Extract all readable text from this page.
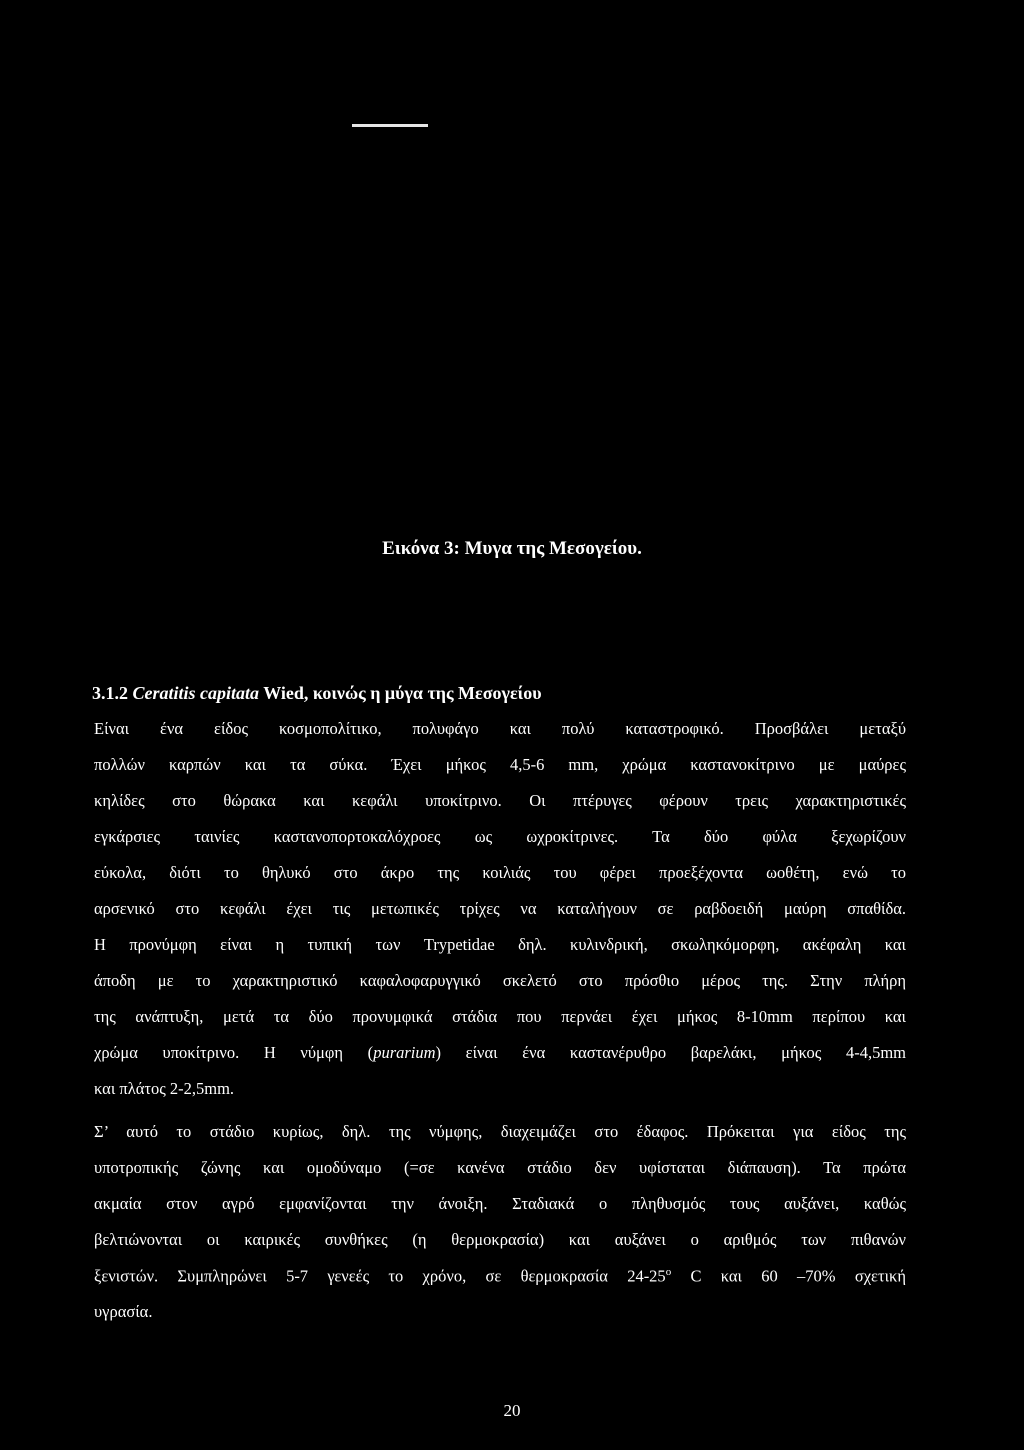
Εικόνα 3: Μυγα της Μεσογείου.
3.1.2 Ceratitis capitata Wied, κοινώς η μύγα της Μεσογείου
Είναι ένα είδος κοσμοπολίτικο, πολυφάγο και πολύ καταστροφικό. Προσβάλει μεταξύ
πολλών καρπών και τα σύκα. Έχει μήκος 4,5-6 mm, χρώμα καστανοκίτρινο με μαύρες
κηλίδες στο θώρακα και κεφάλι υποκίτρινο. Οι πτέρυγες φέρουν τρεις χαρακτηριστικές
εγκάρσιες ταινίες καστανοπορτοκαλόχροες ως ωχροκίτρινες. Τα δύο φύλα ξεχωρίζουν
εύκολα, διότι το θηλυκό στο άκρο της κοιλιάς του φέρει προεξέχοντα ωοθέτη, ενώ το
αρσενικό στο κεφάλι έχει τις μετωπικές τρίχες να καταλήγουν σε ραβδοειδή μαύρη σπαθίδα.
Η προνύμφη είναι η τυπική των Trypetidae δηλ. κυλινδρική, σκωληκόμορφη, ακέφαλη και
άποδη με το χαρακτηριστικό καφαλοφαρυγγικό σκελετό στο πρόσθιο μέρος της. Στην πλήρη
της ανάπτυξη, μετά τα δύο προνυμφικά στάδια που περνάει έχει μήκος 8-10mm περίπου και
χρώμα υποκίτρινο. Η νύμφη (purarium) είναι ένα καστανέρυθρο βαρελάκι, μήκος 4-4,5mm
και πλάτος 2-2,5mm.
Σ’ αυτό το στάδιο κυρίως, δηλ. της νύμφης, διαχειμάζει στο έδαφος. Πρόκειται για είδος της
υποτροπικής ζώνης και ομοδύναμο (=σε κανένα στάδιο δεν υφίσταται διάπαυση). Τα πρώτα
ακμαία στον αγρό εμφανίζονται την άνοιξη. Σταδιακά ο πληθυσμός τους αυξάνει, καθώς
βελτιώνονται οι καιρικές συνθήκες (η θερμοκρασία) και αυξάνει ο αριθμός των πιθανών
ξενιστών. Συμπληρώνει 5-7 γενεές το χρόνο, σε θερμοκρασία 24-25$^o$ C και 60 –70% σχετική
υγρασία.
20
